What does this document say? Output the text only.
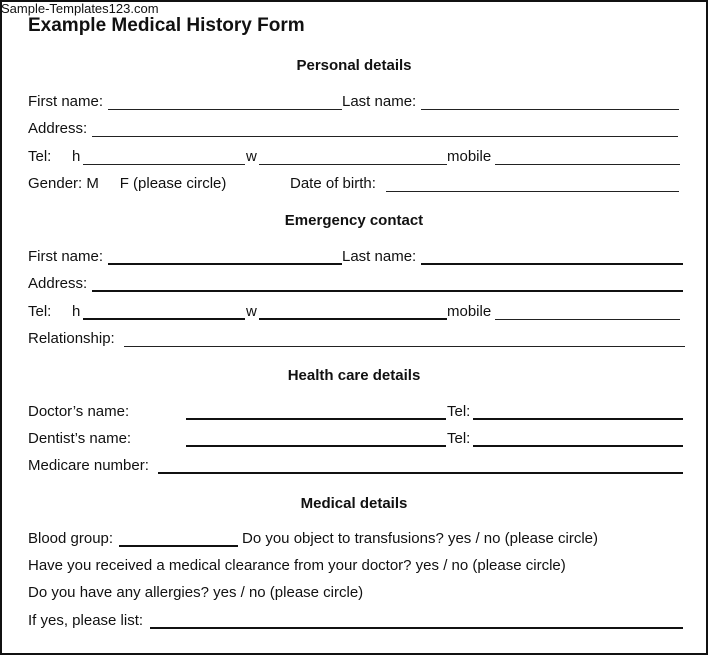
Sample-Templates123.com
Example Medical History Form
Personal details
First name:	Last name:
Address:
Tel: h	w	mobile
Gender: M     F (please circle)	Date of birth:
Emergency contact
First name:	Last name:
Address:
Tel: h	w	mobile
Relationship:
Health care details
Doctor’s name:	Tel:
Dentist’s name:	Tel:
Medicare number:
Medical details
Blood group:	Do you object to transfusions? yes / no (please circle)
Have you received a medical clearance from your doctor? yes / no (please circle)
Do you have any allergies? yes / no (please circle)
If yes, please list:
